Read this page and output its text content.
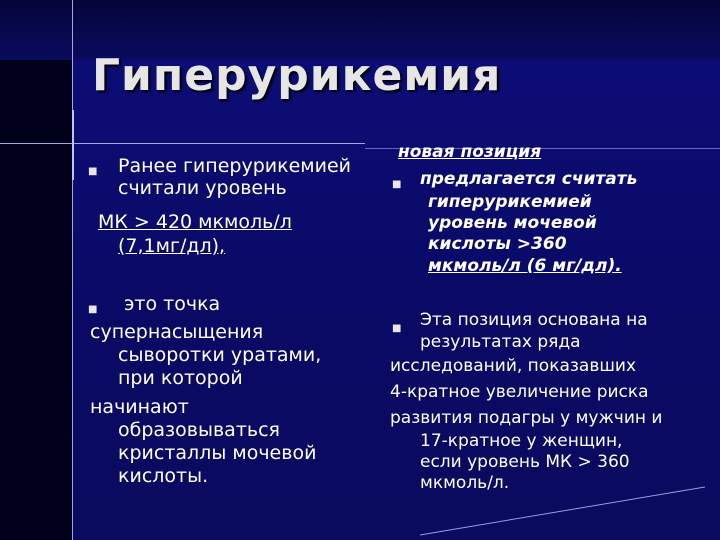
Гиперурикемия
■ Ранее гиперурикемией
считали уровень
МК > 420 мкмоль/л
(7,1мг/дл),
■ это точка
супернасыщения
сыворотки уратами,
при которой
начинают
образовываться
кристаллы мочевой
кислоты.
новая позиция
■ предлагается считать
гиперурикемией
уровень мочевой
кислоты >360
мкмоль/л (6 мг/дл).
■ Эта позиция основана на
результатах ряда
исследований, показавших
4-кратное увеличение риска
развития подагры у мужчин и
17-кратное у женщин,
если уровень МК > 360
мкмоль/л.
